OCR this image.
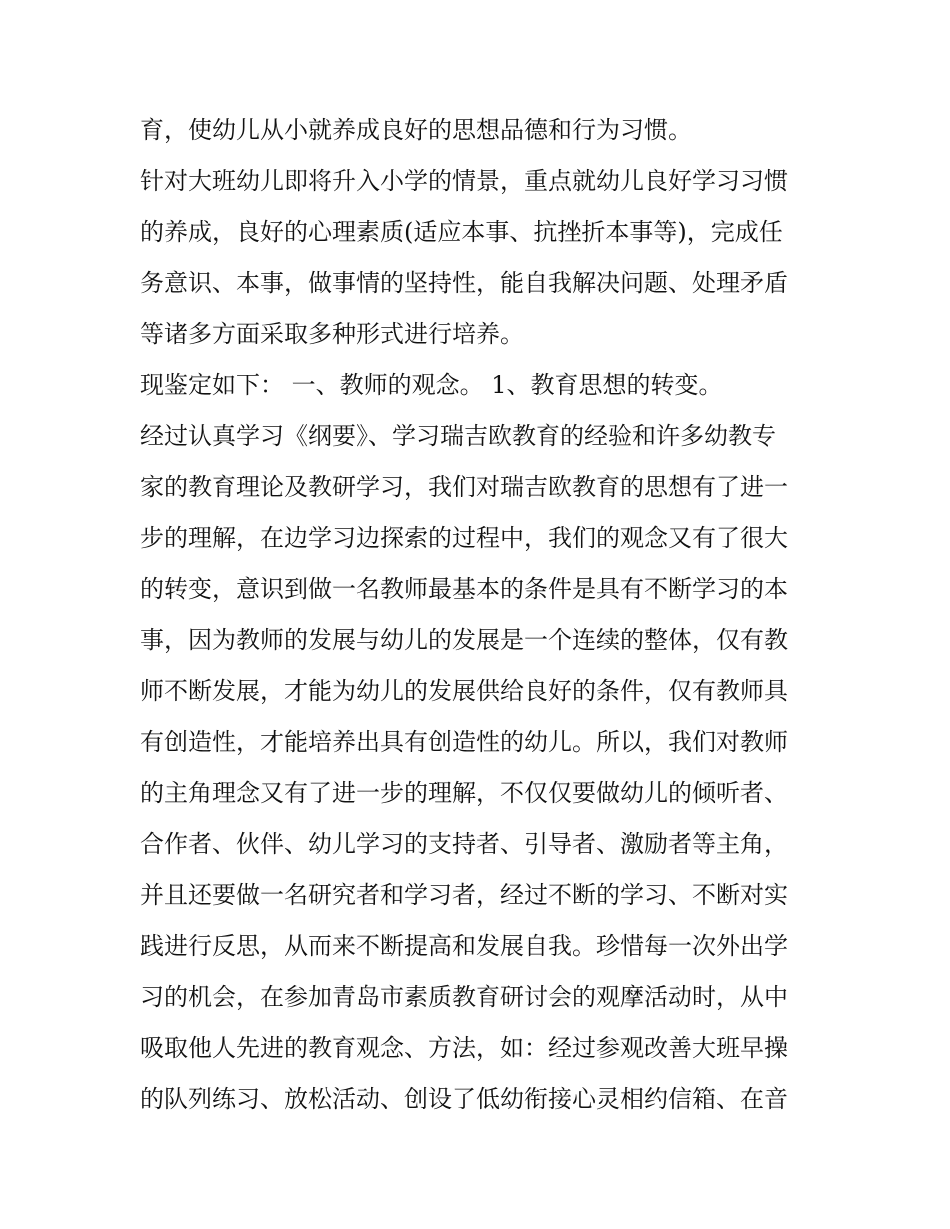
育，使幼儿从小就养成良好的思想品德和行为习惯。
针对大班幼儿即将升入小学的情景，重点就幼儿良好学习习惯
的养成，良好的心理素质(适应本事、抗挫折本事等)，完成任
务意识、本事，做事情的坚持性，能自我解决问题、处理矛盾
等诸多方面采取多种形式进行培养。
现鉴定如下： 一、教师的观念。 1、教育思想的转变。
经过认真学习《纲要》、学习瑞吉欧教育的经验和许多幼教专
家的教育理论及教研学习，我们对瑞吉欧教育的思想有了进一
步的理解，在边学习边探索的过程中，我们的观念又有了很大
的转变，意识到做一名教师最基本的条件是具有不断学习的本
事，因为教师的发展与幼儿的发展是一个连续的整体，仅有教
师不断发展，才能为幼儿的发展供给良好的条件，仅有教师具
有创造性，才能培养出具有创造性的幼儿。所以，我们对教师
的主角理念又有了进一步的理解，不仅仅要做幼儿的倾听者、
合作者、伙伴、幼儿学习的支持者、引导者、激励者等主角，
并且还要做一名研究者和学习者，经过不断的学习、不断对实
践进行反思，从而来不断提高和发展自我。珍惜每一次外出学
习的机会，在参加青岛市素质教育研讨会的观摩活动时，从中
吸取他人先进的教育观念、方法，如：经过参观改善大班早操
的队列练习、放松活动、创设了低幼衔接心灵相约信箱、在音
